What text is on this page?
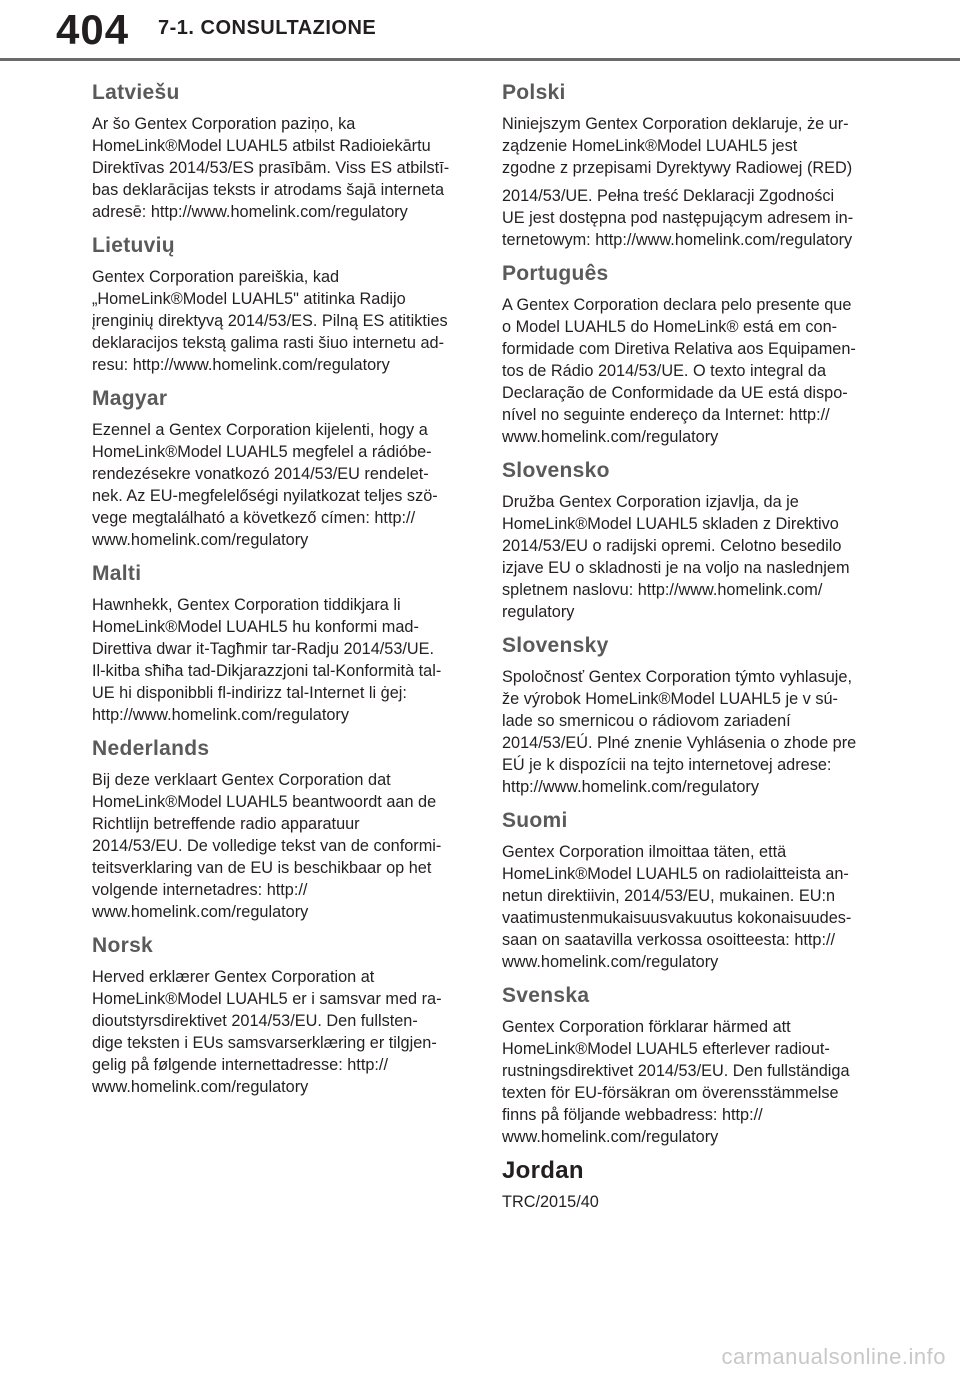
404 7-1. CONSULTAZIONE
Latviešu

Ar šo Gentex Corporation paziņo, ka
HomeLink®Model LUAHL5 atbilst Radioiekārtu
Direktīvas 2014/53/ES prasībām. Viss ES atbilstī-
bas deklarācijas teksts ir atrodams šajā interneta
adresē: http://www.homelink.com/regulatory

Lietuvių

Gentex Corporation pareiškia, kad
„HomeLink®Model LUAHL5" atitinka Radijo
įrenginių direktyvą 2014/53/ES. Pilną ES atitikties
deklaracijos tekstą galima rasti šiuo internetu ad-
resu: http://www.homelink.com/regulatory

Magyar

Ezennel a Gentex Corporation kijelenti, hogy a
HomeLink®Model LUAHL5 megfelel a rádióbe-
rendezésekre vonatkozó 2014/53/EU rendelet-
nek. Az EU-megfelelőségi nyilatkozat teljes szö-
vege megtalálható a következő címen: http://
www.homelink.com/regulatory

Malti

Hawnhekk, Gentex Corporation tiddikjara li
HomeLink®Model LUAHL5 hu konformi mad-
Direttiva dwar it-Tagħmir tar-Radju 2014/53/UE.
Il-kitba sħiħa tad-Dikjarazzjoni tal-Konformità tal-
UE hi disponibbli fl-indirizz tal-Internet li ġej:
http://www.homelink.com/regulatory

Nederlands

Bij deze verklaart Gentex Corporation dat
HomeLink®Model LUAHL5 beantwoordt aan de
Richtlijn betreffende radio apparatuur
2014/53/EU. De volledige tekst van de conformi-
teitsverklaring van de EU is beschikbaar op het
volgende internetadres: http://
www.homelink.com/regulatory

Norsk

Herved erklærer Gentex Corporation at
HomeLink®Model LUAHL5 er i samsvar med ra-
dioutstyrsdirektivet 2014/53/EU. Den fullsten-
dige teksten i EUs samsvarserklæring er tilgjen-
gelig på følgende internettadresse: http://
www.homelink.com/regulatory

Polski

Niniejszym Gentex Corporation deklaruje, że ur-
ządzenie HomeLink®Model LUAHL5 jest
zgodne z przepisami Dyrektywy Radiowej (RED)

2014/53/UE. Pełna treść Deklaracji Zgodności
UE jest dostępna pod następującym adresem in-
ternetowym: http://www.homelink.com/regulatory

Português

A Gentex Corporation declara pelo presente que
o Model LUAHL5 do HomeLink® está em con-
formidade com Diretiva Relativa aos Equipamen-
tos de Rádio 2014/53/UE. O texto integral da
Declaração de Conformidade da UE está dispo-
nível no seguinte endereço da Internet: http://
www.homelink.com/regulatory

Slovensko

Družba Gentex Corporation izjavlja, da je
HomeLink®Model LUAHL5 skladen z Direktivo
2014/53/EU o radijski opremi. Celotno besedilo
izjave EU o skladnosti je na voljo na naslednjem
spletnem naslovu: http://www.homelink.com/
regulatory

Slovensky

Spoločnosť Gentex Corporation týmto vyhlasuje,
že výrobok HomeLink®Model LUAHL5 je v sú-
lade so smernicou o rádiovom zariadení
2014/53/EÚ. Plné znenie Vyhlásenia o zhode pre
EÚ je k dispozícii na tejto internetovej adrese:
http://www.homelink.com/regulatory

Suomi

Gentex Corporation ilmoittaa täten, että
HomeLink®Model LUAHL5 on radiolaitteista an-
netun direktiivin, 2014/53/EU, mukainen. EU:n
vaatimustenmukaisuusvakuutus kokonaisuudes-
saan on saatavilla verkossa osoitteesta: http://
www.homelink.com/regulatory

Svenska

Gentex Corporation förklarar härmed att
HomeLink®Model LUAHL5 efterlever radiout-
rustningsdirektivet 2014/53/EU. Den fullständiga
texten för EU-försäkran om överensstämmelse
finns på följande webbadress: http://
www.homelink.com/regulatory

Jordan

TRC/2015/40

carmanualsonline.info
